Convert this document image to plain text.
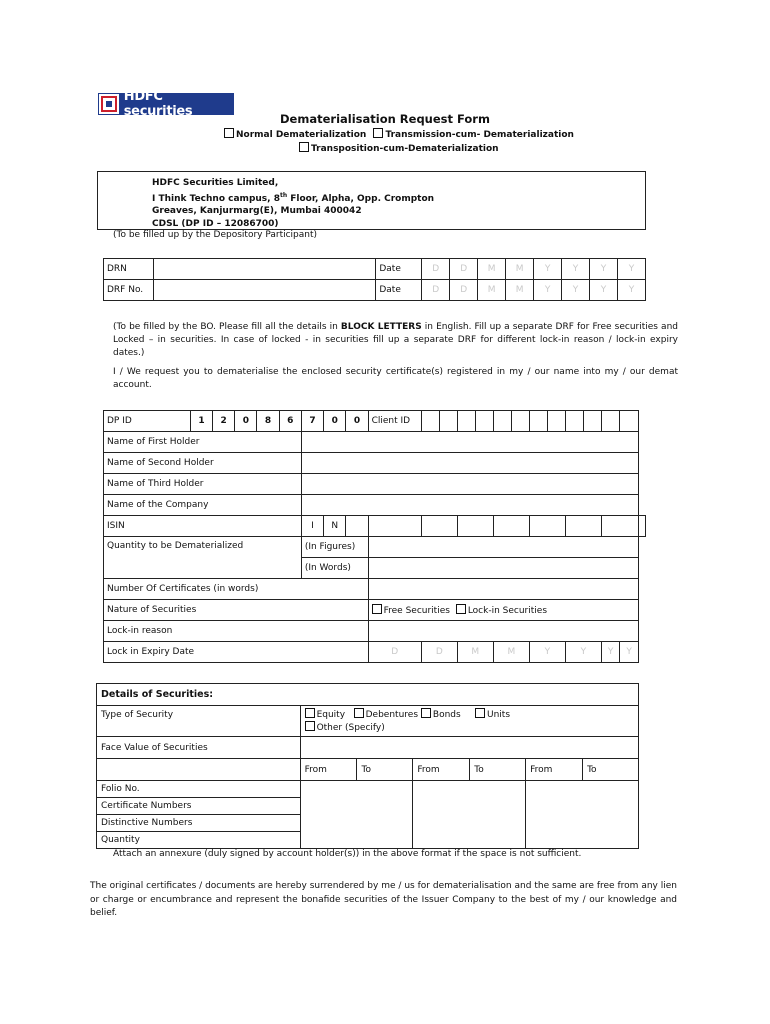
HDFC securities	Dematerialisation Request Form
Normal Dematerialization Transmission-cum- Dematerialization
Transposition-cum-Dematerialization
HDFC Securities Limited,
I Think Techno campus, 8th Floor, Alpha, Opp. Crompton
Greaves, Kanjurmarg(E), Mumbai 400042
CDSL (DP ID – 12086700)
(To be filled up by the Depository Participant)
DRN		Date	D	D	M	M	Y	Y	Y	Y
DRF No.		Date	D	D	M	M	Y	Y	Y	Y
(To be filled by the BO. Please fill all the details in BLOCK LETTERS in English. Fill up a separate DRF for Free securities and Locked – in securities. In case of locked - in securities fill up a separate DRF for different lock-in reason / lock-in expiry dates.)
I / We request you to dematerialise the enclosed security certificate(s) registered in my / our name into my / our demat account.
DP ID	1	2	0	8	6	7	0	0	Client ID													
Name of First Holder																						
Name of Second Holder																						
Name of Third Holder																						
Name of the Company																						
ISIN						I	N															
Quantity to be Dematerialized						(In Figures)																
						(In Words)																
Number Of Certificates (in words)																						
Nature of Securities									Free Securities Lock-in Securities													
Lock-in reason																						
Lock in Expiry Date									D	D		M		M		Y		Y		Y	Y	
Details of Securities:						
Type of Security	Equity Debentures Bonds Units
Other (Specify)					
Face Value of Securities						
	From	To	From	To	From	To
Folio No.						
Certificate Numbers						
Distinctive Numbers						
Quantity						
Attach an annexure (duly signed by account holder(s)) in the above format if the space is not sufficient.
The original certificates / documents are hereby surrendered by me / us for dematerialisation and the same are free from any lien or charge or encumbrance and represent the bonafide securities of the Issuer Company to the best of my / our knowledge and belief.
